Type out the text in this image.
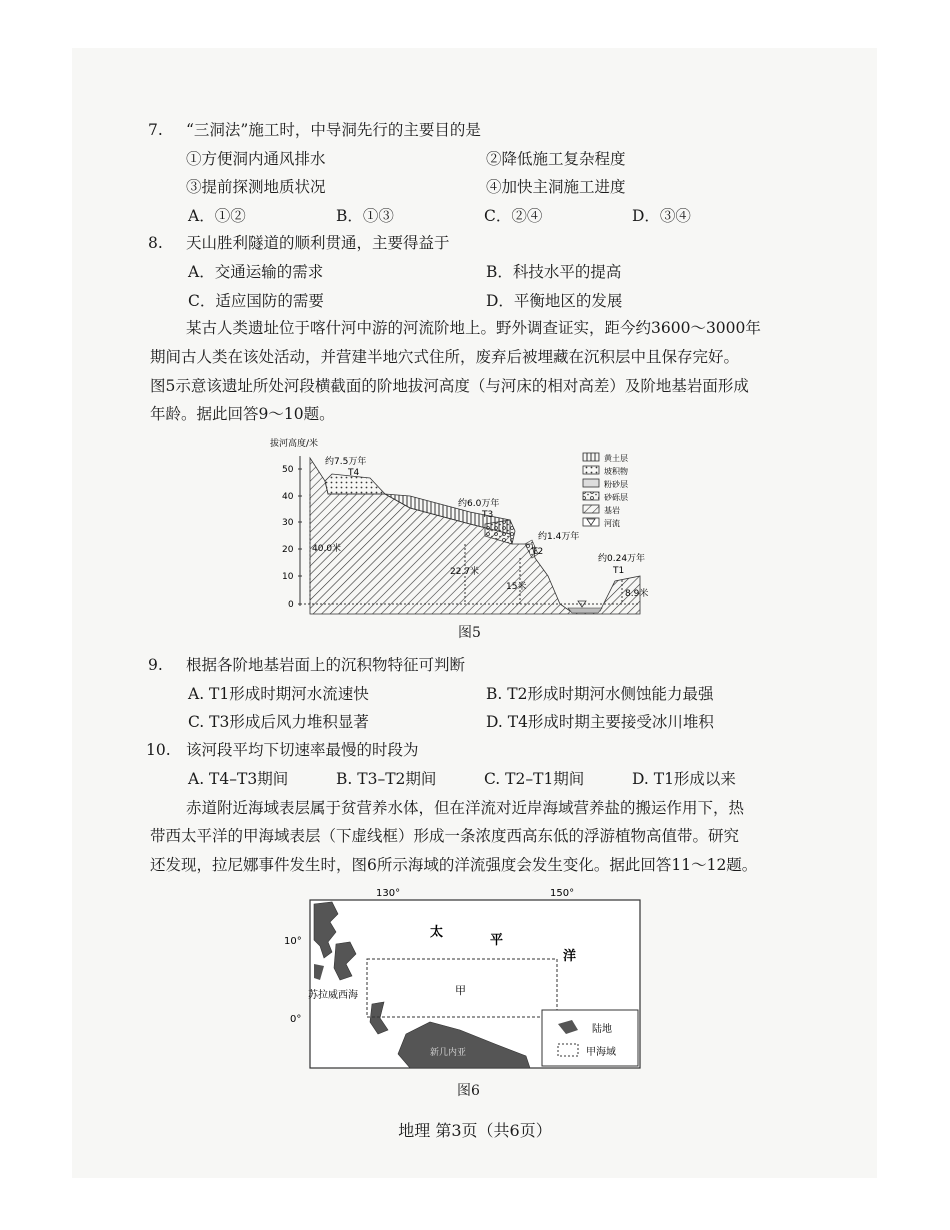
7. “三洞法”施工时，中导洞先行的主要目的是
①方便洞内通风排水	②降低施工复杂程度
③提前探测地质状况	④加快主洞施工进度
A．①②	B．①③	C．②④	D．③④
8. 天山胜利隧道的顺利贯通，主要得益于
A．交通运输的需求	B．科技水平的提高
C．适应国防的需要	D．平衡地区的发展
某古人类遗址位于喀什河中游的河流阶地上。野外调查证实，距今约3600～3000年
期间古人类在该处活动，并营建半地穴式住所，废弃后被埋藏在沉积层中且保存完好。
图5示意该遗址所处河段横截面的阶地拔河高度（与河床的相对高差）及阶地基岩面形成
年龄。据此回答9～10题。
拔河高度/米
50
40
30
20
10
0
约7.5万年
T4
约6.0万年
T3
约1.4万年
T2
约0.24万年
T1
40.0米
22.7米
15米
8.9米
黄土层
坡积物
粉砂层
砂砾层
基岩
河流
图5
9. 根据各阶地基岩面上的沉积物特征可判断
A. T1形成时期河水流速快	B. T2形成时期河水侧蚀能力最强
C. T3形成后风力堆积显著	D. T4形成时期主要接受冰川堆积
10. 该河段平均下切速率最慢的时段为
A. T4–T3期间	B. T3–T2期间	C. T2–T1期间	D. T1形成以来
赤道附近海域表层属于贫营养水体，但在洋流对近岸海域营养盐的搬运作用下，热
带西太平洋的甲海域表层（下虚线框）形成一条浓度西高东低的浮游植物高值带。研究
还发现，拉尼娜事件发生时，图6所示海域的洋流强度会发生变化。据此回答11～12题。
130°	150°
10°
0°
太
平
洋
甲
苏拉威西海
新几内亚
陆地
甲海域
图6
地理 第3页（共6页）
